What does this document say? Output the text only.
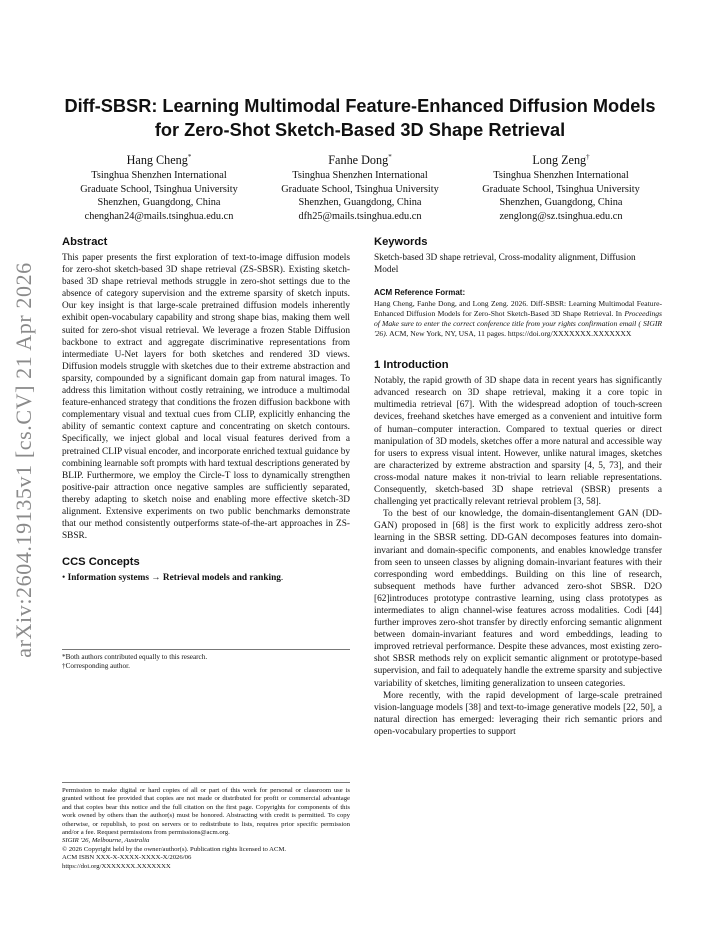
arXiv:2604.19135v1 [cs.CV] 21 Apr 2026
Diff-SBSR: Learning Multimodal Feature-Enhanced Diffusion Models for Zero-Shot Sketch-Based 3D Shape Retrieval
Hang Cheng*
Tsinghua Shenzhen International
Graduate School, Tsinghua University
Shenzhen, Guangdong, China
chenghan24@mails.tsinghua.edu.cn
Fanhe Dong*
Tsinghua Shenzhen International
Graduate School, Tsinghua University
Shenzhen, Guangdong, China
dfh25@mails.tsinghua.edu.cn
Long Zeng†
Tsinghua Shenzhen International
Graduate School, Tsinghua University
Shenzhen, Guangdong, China
zenglong@sz.tsinghua.edu.cn
Abstract

This paper presents the first exploration of text-to-image diffusion models for zero-shot sketch-based 3D shape retrieval (ZS-SBSR). Existing sketch-based 3D shape retrieval methods struggle in zero-shot settings due to the absence of category supervision and the extreme sparsity of sketch inputs. Our key insight is that large-scale pretrained diffusion models inherently exhibit open-vocabulary capability and strong shape bias, making them well suited for zero-shot visual retrieval. We leverage a frozen Stable Diffusion backbone to extract and aggregate discriminative representations from intermediate U-Net layers for both sketches and rendered 3D views. Diffusion models struggle with sketches due to their extreme abstraction and sparsity, compounded by a significant domain gap from natural images. To address this limitation without costly retraining, we introduce a multimodal feature-enhanced strategy that conditions the frozen diffusion backbone with complementary visual and textual cues from CLIP, explicitly enhancing the ability of semantic context capture and concentrating on sketch contours. Specifically, we inject global and local visual features derived from a pretrained CLIP visual encoder, and incorporate enriched textual guidance by combining learnable soft prompts with hard textual descriptions generated by BLIP. Furthermore, we employ the Circle-T loss to dynamically strengthen positive-pair attraction once negative samples are sufficiently separated, thereby adapting to sketch noise and enabling more effective sketch-3D alignment. Extensive experiments on two public benchmarks demonstrate that our method consistently outperforms state-of-the-art approaches in ZS-SBSR.

CCS Concepts

• Information systems → Retrieval models and ranking.

*Both authors contributed equally to this research.
†Corresponding author.

Permission to make digital or hard copies of all or part of this work for personal or classroom use is granted without fee provided that copies are not made or distributed for profit or commercial advantage and that copies bear this notice and the full citation on the first page. Copyrights for components of this work owned by others than the author(s) must be honored. Abstracting with credit is permitted. To copy otherwise, or republish, to post on servers or to redistribute to lists, requires prior specific permission and/or a fee. Request permissions from permissions@acm.org.

SIGIR '26, Melbourne, Australia

© 2026 Copyright held by the owner/author(s). Publication rights licensed to ACM.

ACM ISBN XXX-X-XXXX-XXXX-X/2026/06

https://doi.org/XXXXXXX.XXXXXXX

Keywords

Sketch-based 3D shape retrieval, Cross-modality alignment, Diffusion Model

ACM Reference Format:

Hang Cheng, Fanhe Dong, and Long Zeng. 2026. Diff-SBSR: Learning Multimodal Feature-Enhanced Diffusion Models for Zero-Shot Sketch-Based 3D Shape Retrieval. In Proceedings of Make sure to enter the correct conference title from your rights confirmation email ( SIGIR '26). ACM, New York, NY, USA, 11 pages. https://doi.org/XXXXXXX.XXXXXXX

1 Introduction

Notably, the rapid growth of 3D shape data in recent years has significantly advanced research on 3D shape retrieval, making it a core topic in multimedia retrieval [67]. With the widespread adoption of touch-screen devices, freehand sketches have emerged as a convenient and intuitive form of human–computer interaction. Compared to textual queries or direct manipulation of 3D models, sketches offer a more natural and accessible way for users to express visual intent. However, unlike natural images, sketches are characterized by extreme abstraction and sparsity [4, 5, 73], and their cross-modal nature makes it non-trivial to learn reliable representations. Consequently, sketch-based 3D shape retrieval (SBSR) presents a challenging yet practically relevant retrieval problem [3, 58].

To the best of our knowledge, the domain-disentanglement GAN (DD-GAN) proposed in [68] is the first work to explicitly address zero-shot learning in the SBSR setting. DD-GAN decomposes features into domain-invariant and domain-specific components, and enables knowledge transfer from seen to unseen classes by aligning domain-invariant features with their corresponding word embeddings. Building on this line of research, subsequent methods have further advanced zero-shot SBSR. D2O [62]introduces prototype contrastive learning, using class prototypes as intermediates to align channel-wise features across modalities. Codi [44] further improves zero-shot transfer by directly enforcing semantic alignment between domain-invariant features and word embeddings, leading to improved retrieval performance. Despite these advances, most existing zero-shot SBSR methods rely on explicit semantic alignment or prototype-based supervision, and fail to adequately handle the extreme sparsity and subjective variability of sketches, limiting generalization to unseen categories.

More recently, with the rapid development of large-scale pretrained vision-language models [38] and text-to-image generative models [22, 50], a natural direction has emerged: leveraging their rich semantic priors and open-vocabulary properties to support
